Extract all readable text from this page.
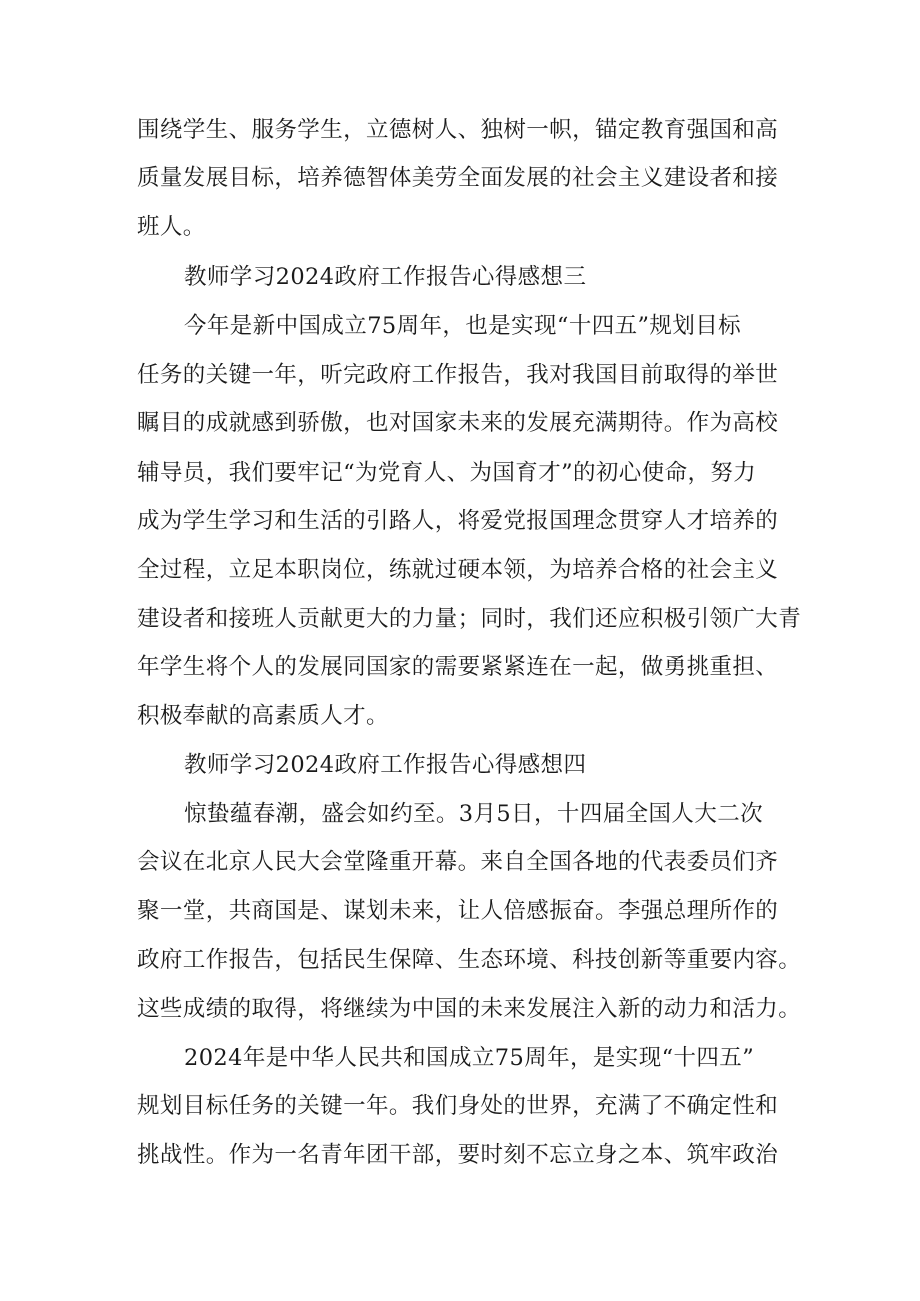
围绕学生、服务学生，立德树人、独树一帜，锚定教育强国和高
质量发展目标，培养德智体美劳全面发展的社会主义建设者和接
班人。
教师学习2024政府工作报告心得感想三
今年是新中国成立75周年，也是实现“十四五”规划目标
任务的关键一年，听完政府工作报告，我对我国目前取得的举世
瞩目的成就感到骄傲，也对国家未来的发展充满期待。作为高校
辅导员，我们要牢记“为党育人、为国育才”的初心使命，努力
成为学生学习和生活的引路人，将爱党报国理念贯穿人才培养的
全过程，立足本职岗位，练就过硬本领，为培养合格的社会主义
建设者和接班人贡献更大的力量；同时，我们还应积极引领广大青
年学生将个人的发展同国家的需要紧紧连在一起，做勇挑重担、
积极奉献的高素质人才。
教师学习2024政府工作报告心得感想四
惊蛰蕴春潮，盛会如约至。3月5日，十四届全国人大二次
会议在北京人民大会堂隆重开幕。来自全国各地的代表委员们齐
聚一堂，共商国是、谋划未来，让人倍感振奋。李强总理所作的
政府工作报告，包括民生保障、生态环境、科技创新等重要内容。
这些成绩的取得，将继续为中国的未来发展注入新的动力和活力。
2024年是中华人民共和国成立75周年，是实现“十四五”
规划目标任务的关键一年。我们身处的世界，充满了不确定性和
挑战性。作为一名青年团干部，要时刻不忘立身之本、筑牢政治
